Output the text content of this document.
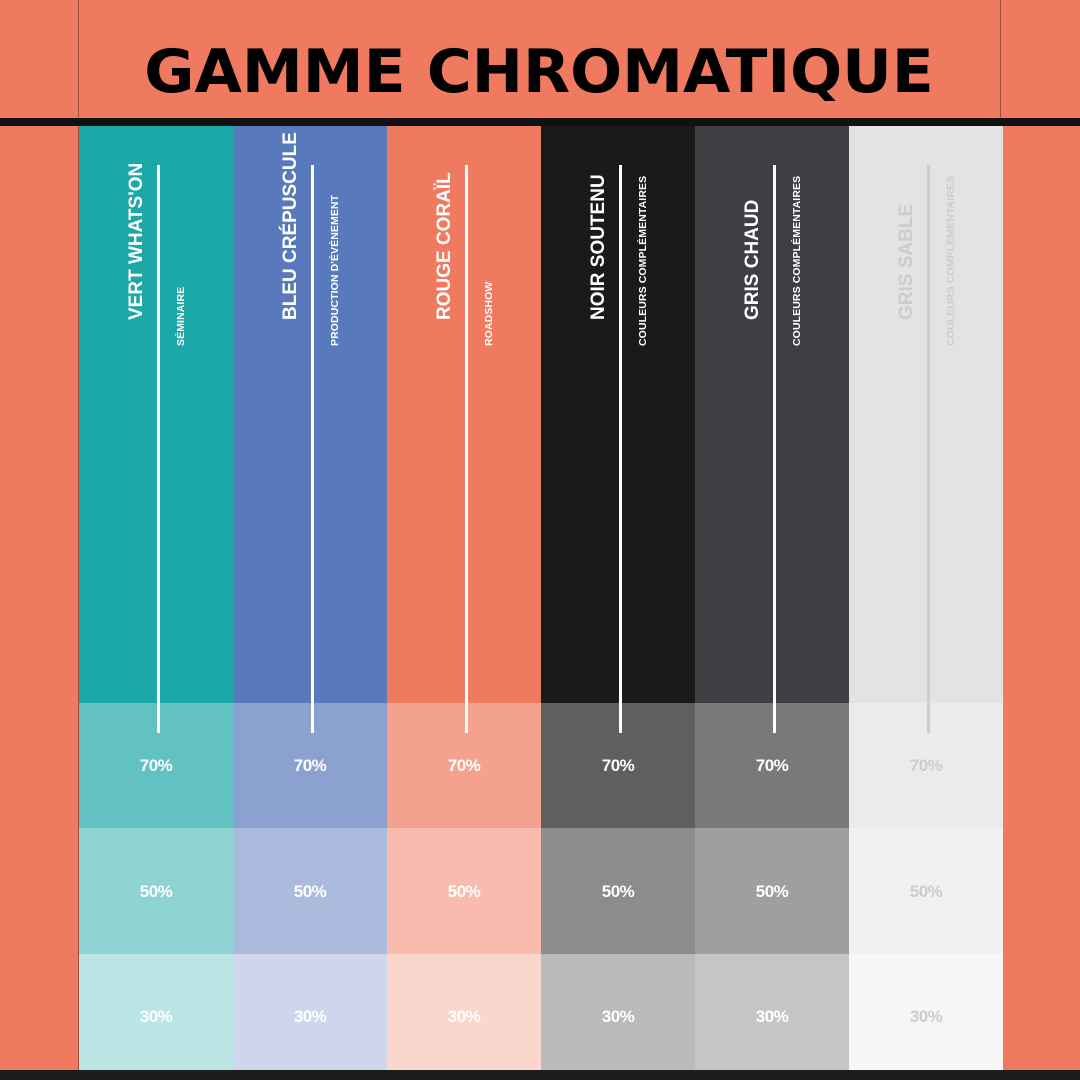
GAMME CHROMATIQUE
70%
50%
30%
VERT WHATS'ON	SÉMINAIRE
70%
50%
30%
BLEU CRÉPUSCULE	PRODUCTION D'ÉVÉNEMENT
70%
50%
30%
ROUGE CORAÏL	ROADSHOW
70%
50%
30%
NOIR SOUTENU	COULEURS COMPLÉMENTAIRES
70%
50%
30%
GRIS CHAUD	COULEURS COMPLÉMENTAIRES
70%
50%
30%
GRIS SABLE	COULEURS COMPLÉMENTAIRES
